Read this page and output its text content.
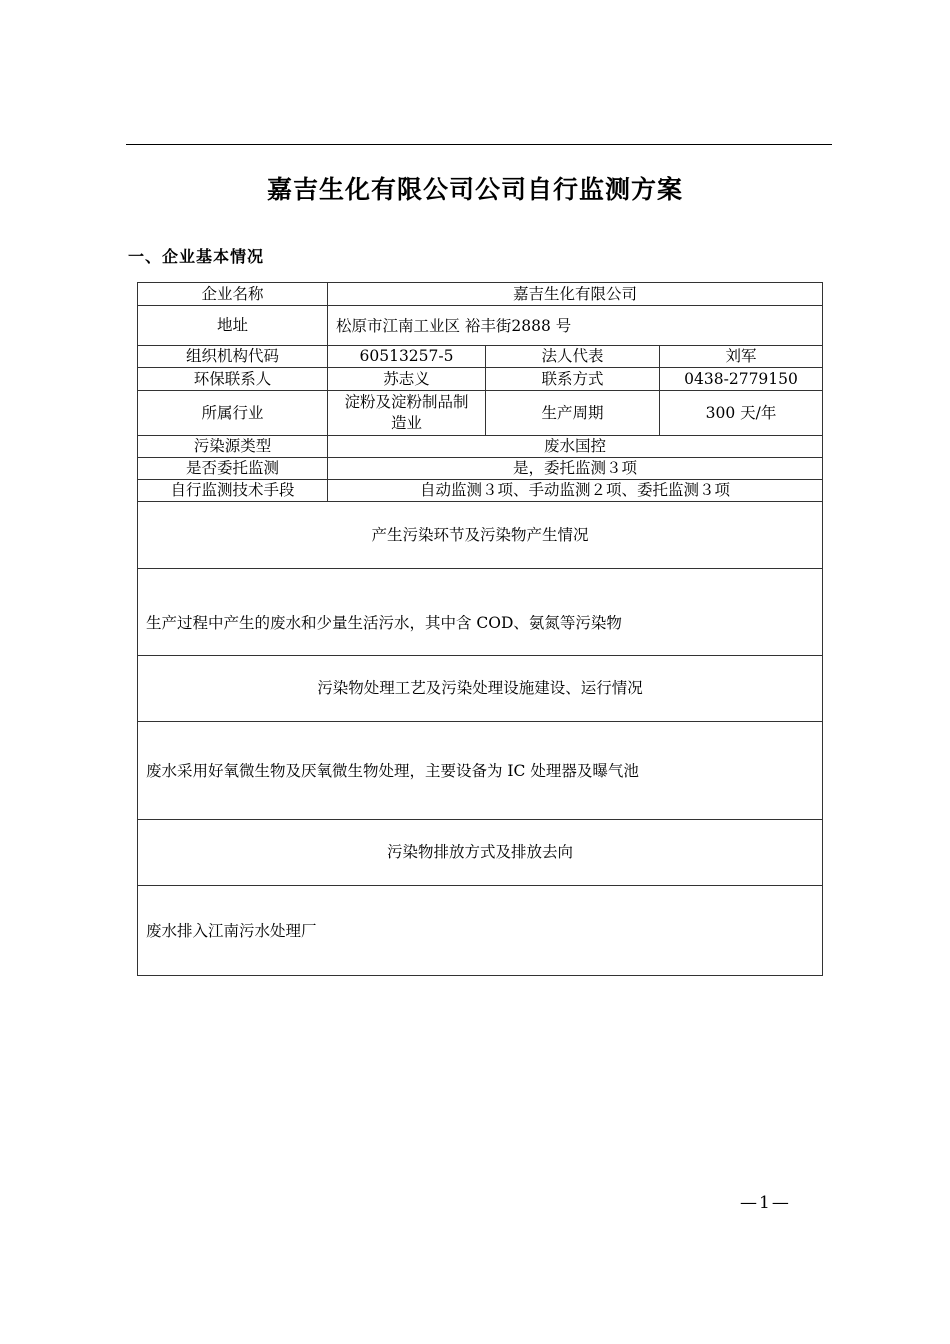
嘉吉生化有限公司公司自行监测方案
一、企业基本情况
企业名称	嘉吉生化有限公司		
地址	松原市江南工业区 裕丰街2888 号		
组织机构代码	60513257-5	法人代表	刘军
环保联系人	苏志义	联系方式	0438-2779150
所属行业	淀粉及淀粉制品制造业	生产周期	300 天/年
污染源类型	废水国控		
是否委托监测	是，委托监测３项		
自行监测技术手段	自动监测３项、手动监测２项、委托监测３项		
产生污染环节及污染物产生情况			
生产过程中产生的废水和少量生活污水，其中含 COD、氨氮等污染物			
污染物处理工艺及污染处理设施建设、运行情况			
废水采用好氧微生物及厌氧微生物处理，主要设备为 IC 处理器及曝气池			
污染物排放方式及排放去向			
废水排入江南污水处理厂			
—1—
